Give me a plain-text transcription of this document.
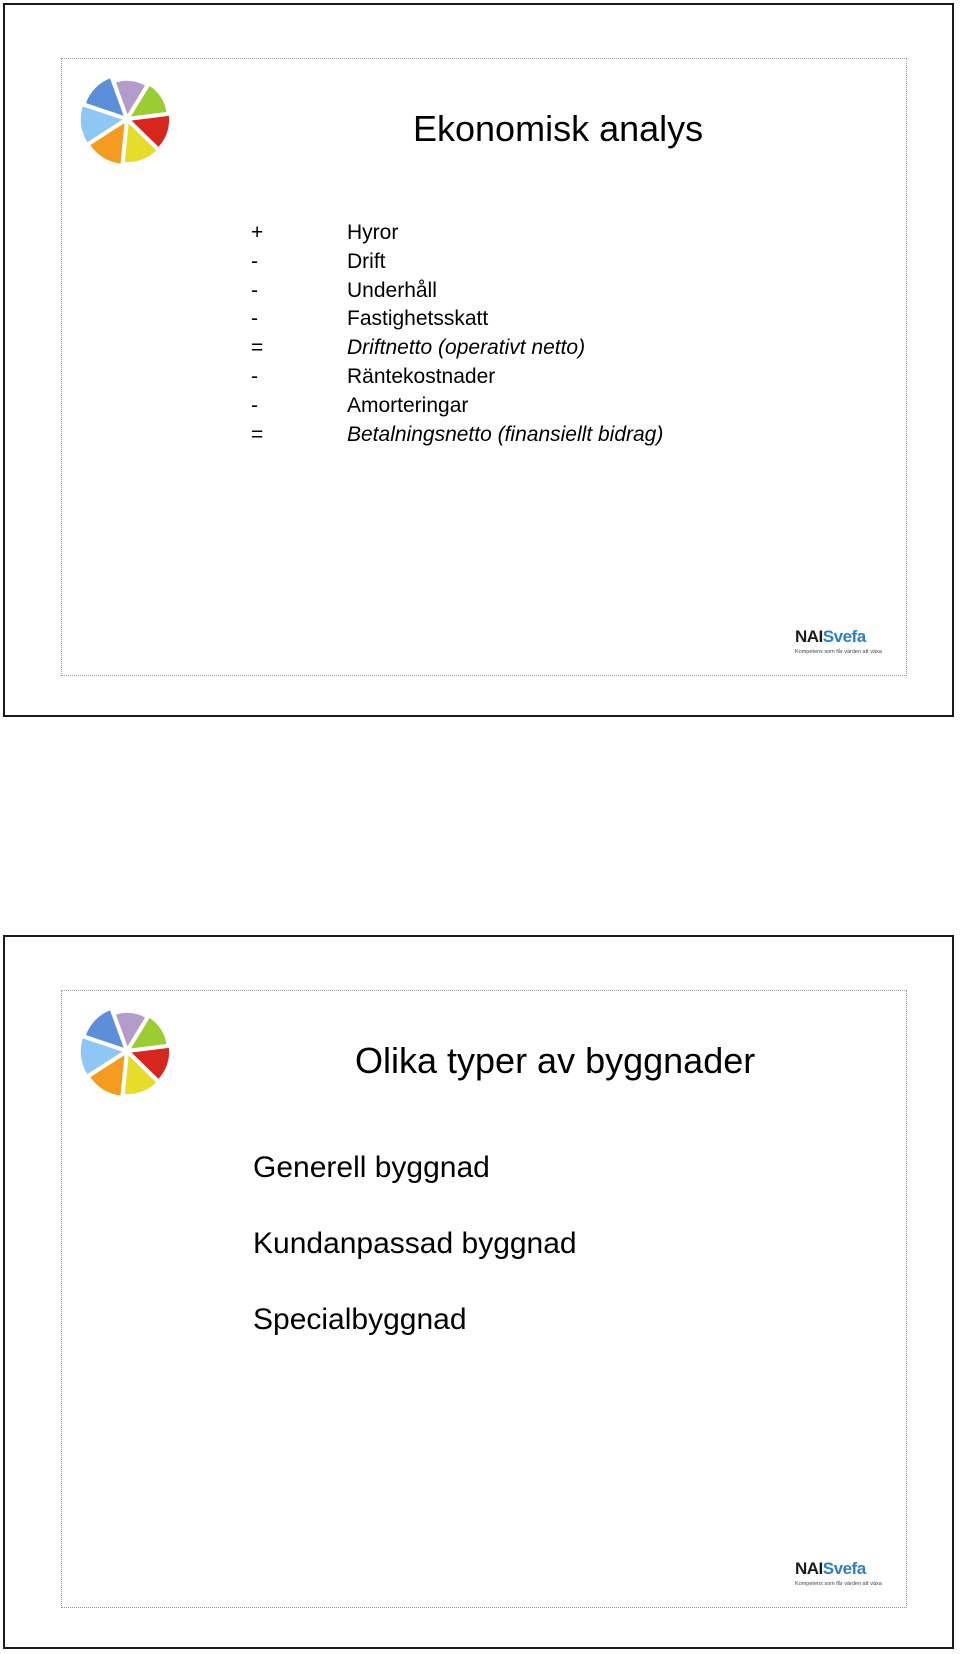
Ekonomisk analys
+	Hyror
-	Drift
-	Underhåll
-	Fastighetsskatt
=	Driftnetto (operativt netto)
-	Räntekostnader
-	Amorteringar
=	Betalningsnetto (finansiellt bidrag)
NAISvefa
Kompetens som får värden att växa
Olika typer av byggnader
Generell byggnad
Kundanpassad byggnad
Specialbyggnad
NAISvefa
Kompetens som får värden att växa
